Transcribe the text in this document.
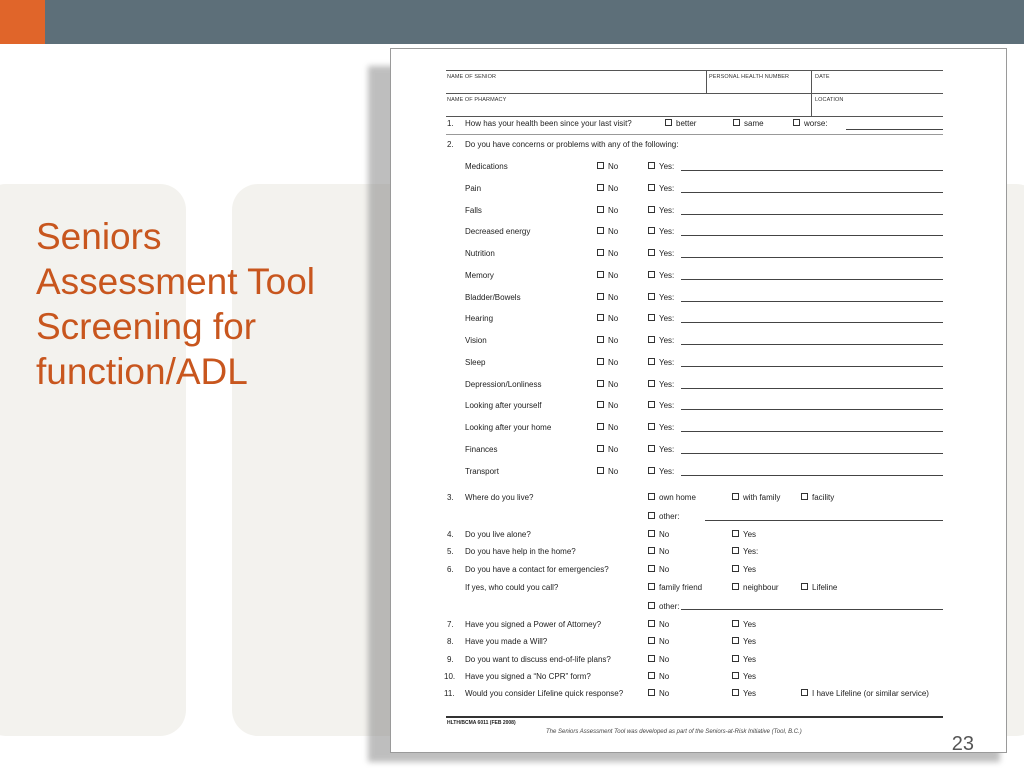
Seniors
Assessment Tool
Screening for
function/ADL
NAME OF SENIOR	PERSONAL HEALTH NUMBER	DATE
NAME OF PHARMACY	LOCATION
1. How has your health been since your last visit?	better	same	worse:
2. Do you have concerns or problems with any of the following:
Medications	No	Yes:
Pain	No	Yes:
Falls	No	Yes:
Decreased energy	No	Yes:
Nutrition	No	Yes:
Memory	No	Yes:
Bladder/Bowels	No	Yes:
Hearing	No	Yes:
Vision	No	Yes:
Sleep	No	Yes:
Depression/Lonliness	No	Yes:
Looking after yourself	No	Yes:
Looking after your home	No	Yes:
Finances	No	Yes:
Transport	No	Yes:
3. Where do you live?	own home	with family	facility
other:
4. Do you live alone?	No	Yes
5. Do you have help in the home?	No	Yes:
6. Do you have a contact for emergencies?	No	Yes
If yes, who could you call?	family friend	neighbour	Lifeline
other:
7. Have you signed a Power of Attorney?	No	Yes
8. Have you made a Will?	No	Yes
9. Do you want to discuss end-of-life plans?	No	Yes
10. Have you signed a “No CPR” form?	No	Yes
11. Would you consider Lifeline quick response?	No	Yes	I have Lifeline (or similar service)
HLTH/BCMA 6011 (FEB 2008)
The Seniors Assessment Tool was developed as part of the Seniors-at-Risk Initiative (Tool, B.C.)
23
